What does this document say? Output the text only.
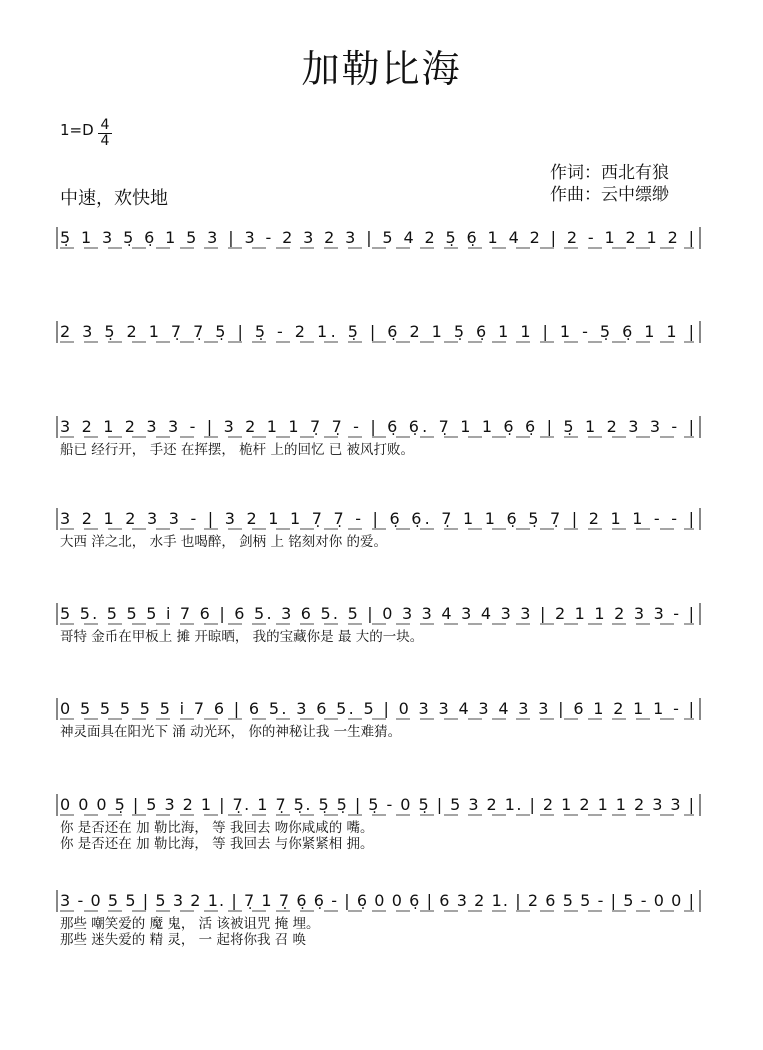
加勒比海
1=D 4
4
中速，欢快地
作词：西北有狼
作曲：云中缥缈
5̣ 1 3 5̣ 6̣ 1 5 3 | 3 - 2 3 2 3 | 5 4 2 5̣ 6̣ 1 4 2 | 2 - 1 2 1 2 |
2 3 5̣ 2 1 7̣ 7̣ 5̣ | 5̣ - 2 1. 5̣ | 6̣ 2 1 5̣ 6̣ 1 1 | 1 - 5̣ 6̣ 1 1 |
3 2 1 2 3 3 - | 3 2 1 1 7̣ 7̣ - | 6̣ 6̣. 7̣ 1 1 6̣ 6̣ | 5̣ 1 2 3 3 - |
船已 经行开， 手还 在挥摆， 桅杆 上的回忆 已 被风打败。
3 2 1 2 3 3 - | 3 2 1 1 7̣ 7̣ - | 6̣ 6̣. 7̣ 1 1 6̣ 5̣ 7̣ | 2 1 1 - - |
大西 洋之北， 水手 也喝醉， 剑柄 上 铭刻对你 的爱。
5 5. 5 5 5 i 7 6 | 6 5. 3 6 5. 5 | 0 3 3 4 3 4 3 3 | 2 1 1 2 3 3 - |
哥特 金币在甲板上 摊 开晾晒， 我的宝藏你是 最 大的一块。
0 5 5 5 5 5 i 7 6 | 6 5. 3 6 5. 5 | 0 3 3 4 3 4 3 3 | 6 1 2 1 1 - |
神灵面具在阳光下 涌 动光环， 你的神秘让我 一生难猜。
0 0 0 5̣ | 5 3 2 1 | 7̣. 1 7̣ 5̣. 5̣ 5̣ | 5̣ - 0 5̣ | 5 3 2 1. | 2 1 2 1 1 2 3 3 |
你 是否还在 加 勒比海， 等 我回去 吻你咸咸的 嘴。
你 是否还在 加 勒比海， 等 我回去 与你紧紧相 拥。
3 - 0 5 5 | 5 3 2 1. | 7̣ 1 7̣ 6̣ 6̣ - | 6̣ 0 0 6̣ | 6 3 2 1. | 2 6 5 5 - | 5 - 0 0 |
那些 嘲笑爱的 魔 鬼， 活 该被诅咒 掩 埋。
那些 迷失爱的 精 灵， 一 起将你我 召 唤
